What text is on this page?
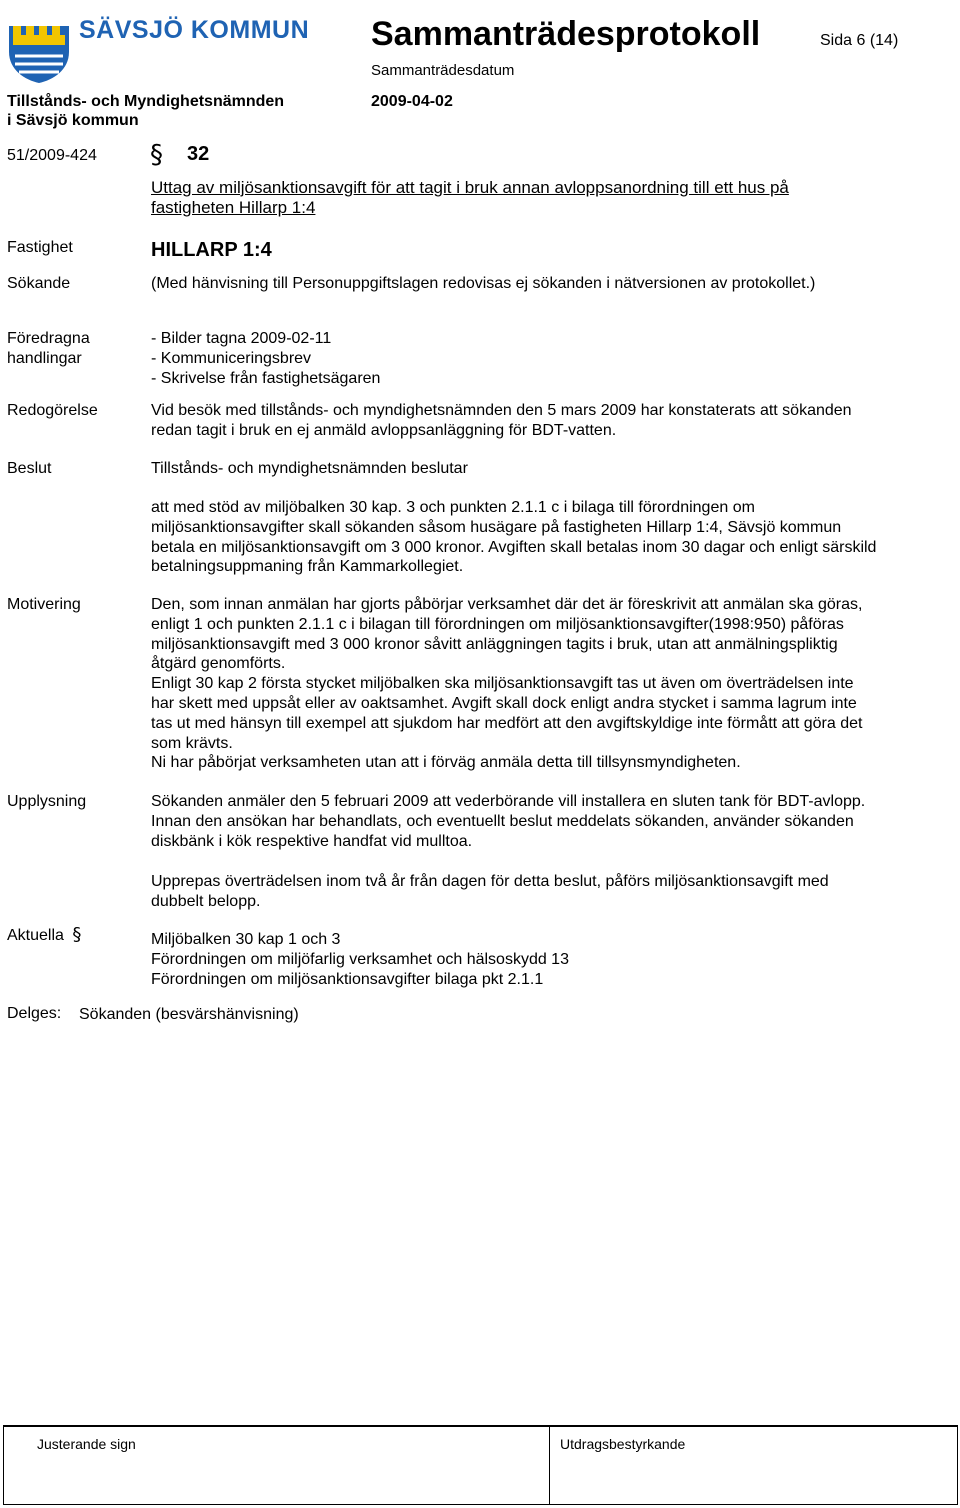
SÄVSJÖ KOMMUN Sammanträdesprotokoll	Sida 6 (14)
Sammanträdesdatum
2009-04-02
Tillstånds- och Myndighetsnämnden
i Sävsjö kommun
51/2009-424 § 32
Uttag av miljösanktionsavgift för att tagit i bruk annan avloppsanordning till ett hus på
fastigheten Hillarp 1:4
Fastighet	HILLARP 1:4
Sökande	(Med hänvisning till Personuppgiftslagen redovisas ej sökanden i nätversionen av protokollet.)
Föredragna
handlingar
- Bilder tagna 2009-02-11
- Kommuniceringsbrev
- Skrivelse från fastighetsägaren
Redogörelse	Vid besök med tillstånds- och myndighetsnämnden den 5 mars 2009 har konstaterats att sökanden
redan tagit i bruk en ej anmäld avloppsanläggning för BDT-vatten.
Beslut	Tillstånds- och myndighetsnämnden beslutar
att med stöd av miljöbalken 30 kap. 3 och punkten 2.1.1 c i bilaga till förordningen om
miljösanktionsavgifter skall sökanden såsom husägare på fastigheten Hillarp 1:4, Sävsjö kommun
betala en miljösanktionsavgift om 3 000 kronor. Avgiften skall betalas inom 30 dagar och enligt särskild
betalningsuppmaning från Kammarkollegiet.
Motivering	Den, som innan anmälan har gjorts påbörjar verksamhet där det är föreskrivit att anmälan ska göras,
enligt 1 och punkten 2.1.1 c i bilagan till förordningen om miljösanktionsavgifter(1998:950) påföras
miljösanktionsavgift med 3 000 kronor såvitt anläggningen tagits i bruk, utan att anmälningspliktig
åtgärd genomförts.
Enligt 30 kap 2 första stycket miljöbalken ska miljösanktionsavgift tas ut även om överträdelsen inte
har skett med uppsåt eller av oaktsamhet. Avgift skall dock enligt andra stycket i samma lagrum inte
tas ut med hänsyn till exempel att sjukdom har medfört att den avgiftskyldige inte förmått att göra det
som krävts.
Ni har påbörjat verksamheten utan att i förväg anmäla detta till tillsynsmyndigheten.
Upplysning	Sökanden anmäler den 5 februari 2009 att vederbörande vill installera en sluten tank för BDT-avlopp.
Innan den ansökan har behandlats, och eventuellt beslut meddelats sökanden, använder sökanden
diskbänk i kök respektive handfat vid mulltoa.
Upprepas överträdelsen inom två år från dagen för detta beslut, påförs miljösanktionsavgift med
dubbelt belopp.
Aktuella §	Miljöbalken 30 kap 1 och 3
Förordningen om miljöfarlig verksamhet och hälsoskydd 13
Förordningen om miljösanktionsavgifter bilaga pkt 2.1.1
Delges: Sökanden (besvärshänvisning)
Justerande sign	Utdragsbestyrkande
